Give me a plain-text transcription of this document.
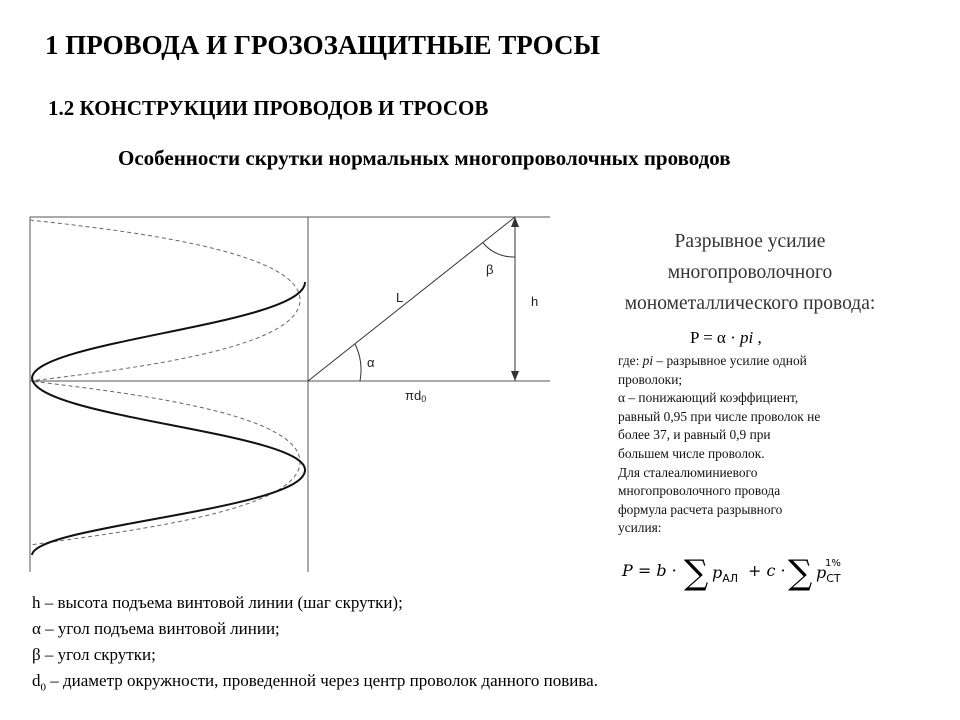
1 ПРОВОДА И ГРОЗОЗАЩИТНЫЕ ТРОСЫ
1.2 КОНСТРУКЦИИ ПРОВОДОВ И ТРОСОВ
Особенности скрутки нормальных многопроволочных проводов
L	h
α
β
πd0
Разрывное усилие
многопроволочного
монометаллического провода:
P = α · pi ,

где: pi – разрывное усилие одной

проволоки;

α – понижающий коэффициент,

равный 0,95 при числе проволок не

более 37, и равный 0,9 при

большем числе проволок.

Для сталеалюминиевого

многопроволочного провода

формула расчета разрывного

усилия:

P = b · ∑ $p_{АЛ} + c$ · ∑ $p_{СТ}$
1%

h – высота подъема винтовой линии (шаг скрутки);

α – угол подъема винтовой линии;

β – угол скрутки;

$d_0$ – диаметр окружности, проведенной через центр проволок данного повива.
